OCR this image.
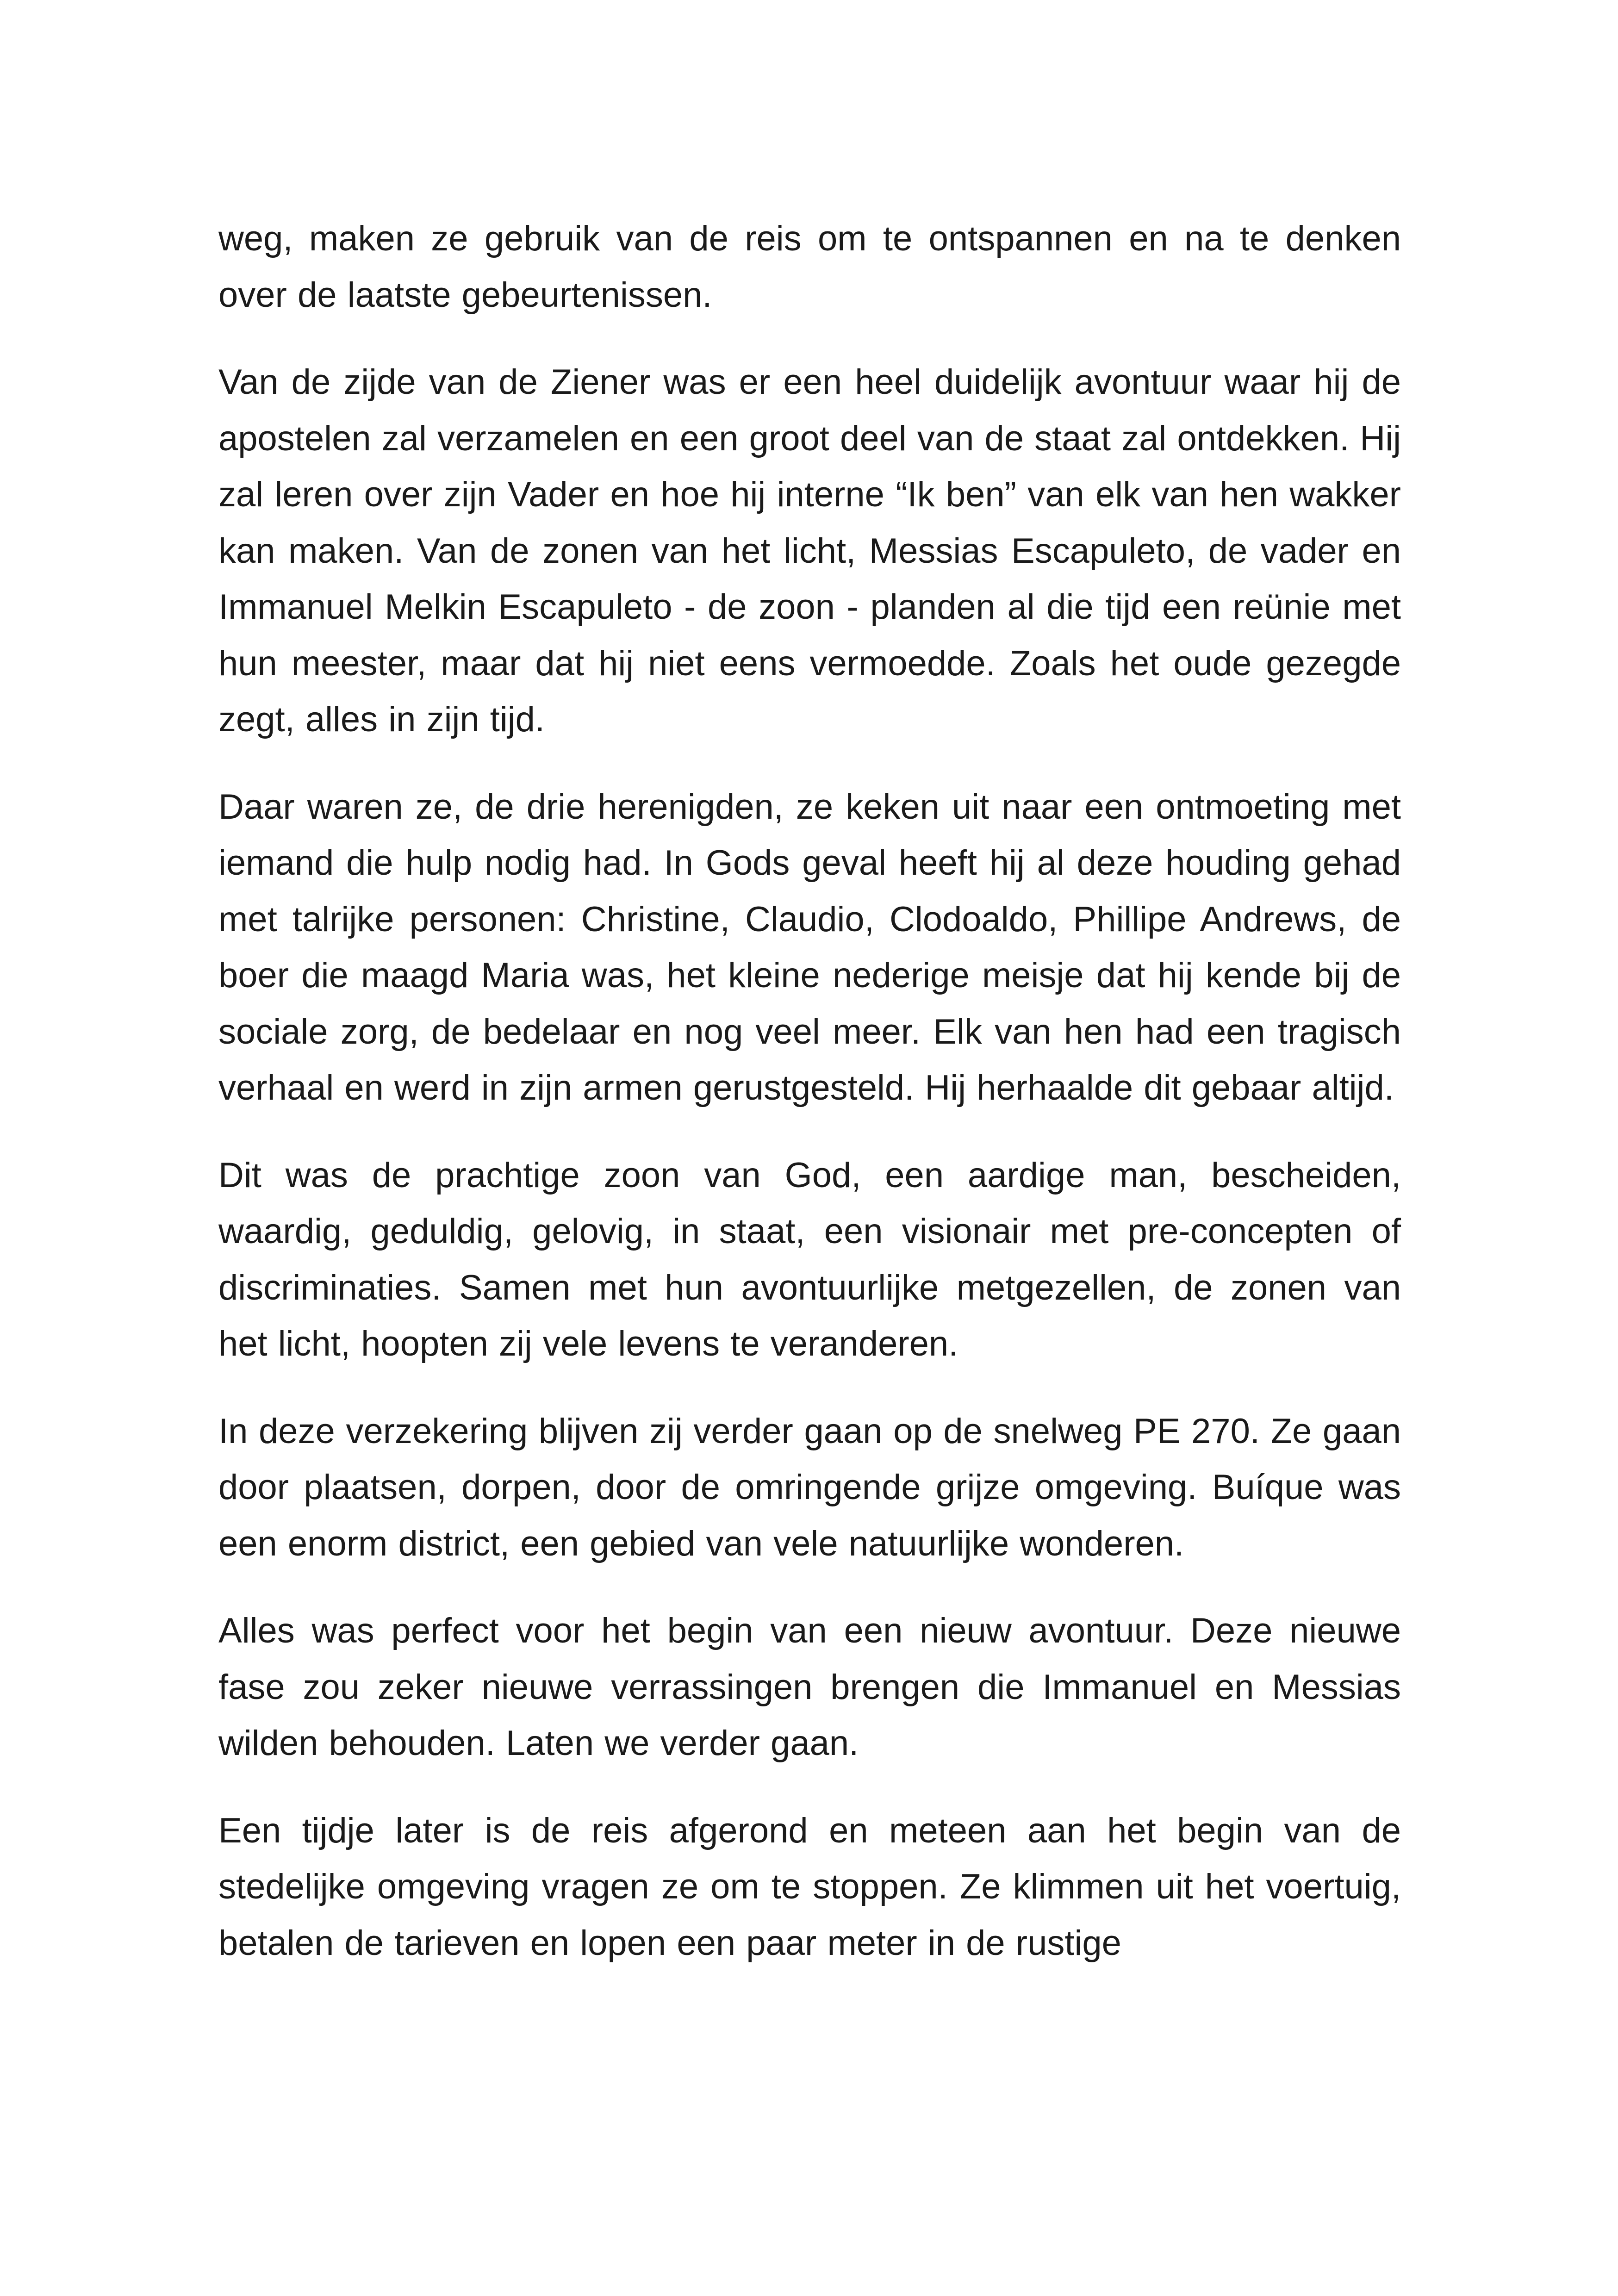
weg, maken ze gebruik van de reis om te ontspannen en na te denken over de laatste gebeurtenissen.

Van de zijde van de Ziener was er een heel duidelijk avontuur waar hij de apostelen zal verzamelen en een groot deel van de staat zal ontdekken. Hij zal leren over zijn Vader en hoe hij interne “Ik ben” van elk van hen wakker kan maken. Van de zonen van het licht, Messias Escapuleto, de vader en Immanuel Melkin Escapuleto - de zoon - planden al die tijd een reünie met hun meester, maar dat hij niet eens vermoedde. Zoals het oude gezegde zegt, alles in zijn tijd.

Daar waren ze, de drie herenigden, ze keken uit naar een ontmoeting met iemand die hulp nodig had. In Gods geval heeft hij al deze houding gehad met talrijke personen: Christine, Claudio, Clodoaldo, Phillipe Andrews, de boer die maagd Maria was, het kleine nederige meisje dat hij kende bij de sociale zorg, de bedelaar en nog veel meer. Elk van hen had een tragisch verhaal en werd in zijn armen gerustgesteld. Hij herhaalde dit gebaar altijd.

Dit was de prachtige zoon van God, een aardige man, bescheiden, waardig, geduldig, gelovig, in staat, een visionair met pre-concepten of discriminaties. Samen met hun avontuurlijke metgezellen, de zonen van het licht, hoopten zij vele levens te veranderen.

In deze verzekering blijven zij verder gaan op de snelweg PE 270. Ze gaan door plaatsen, dorpen, door de omringende grijze omgeving. Buíque was een enorm district, een gebied van vele natuurlijke wonderen.

Alles was perfect voor het begin van een nieuw avontuur. Deze nieuwe fase zou zeker nieuwe verrassingen brengen die Immanuel en Messias wilden behouden. Laten we verder gaan.

Een tijdje later is de reis afgerond en meteen aan het begin van de stedelijke omgeving vragen ze om te stoppen. Ze klimmen uit het voertuig, betalen de tarieven en lopen een paar meter in de rustige
